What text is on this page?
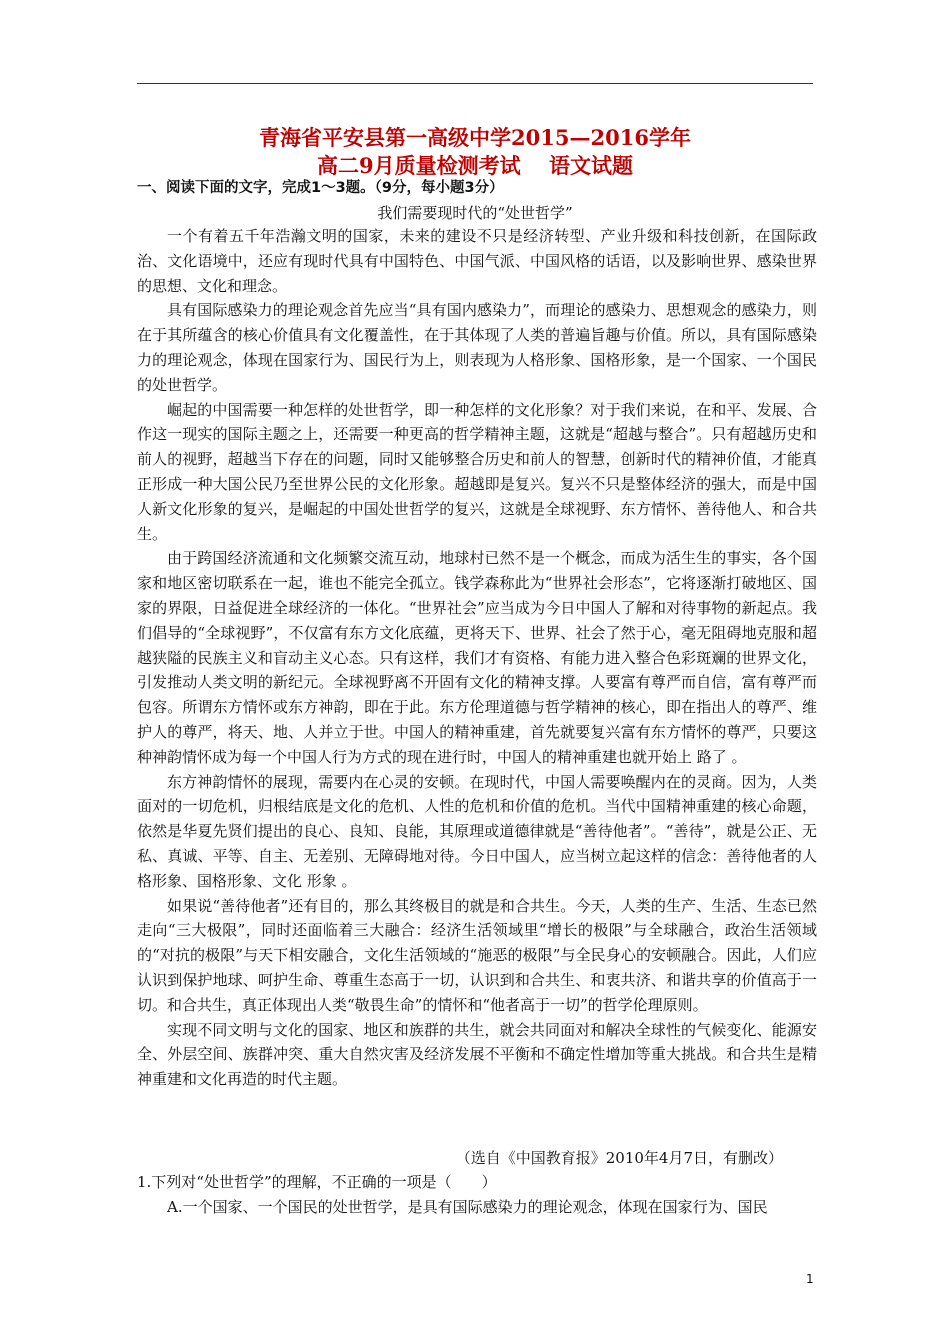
青海省平安县第一高级中学2015—2016学年
高二9月质量检测考试　 语文试题
一、阅读下面的文字，完成1～3题。（9分，每小题3分）
我们需要现时代的“处世哲学”

一个有着五千年浩瀚文明的国家，未来的建设不只是经济转型、产业升级和科技创新，在国际政治、文化语境中，还应有现时代具有中国特色、中国气派、中国风格的话语，以及影响世界、感染世界的思想、文化和理念。

具有国际感染力的理论观念首先应当“具有国内感染力”，而理论的感染力、思想观念的感染力，则在于其所蕴含的核心价值具有文化覆盖性，在于其体现了人类的普遍旨趣与价值。所以，具有国际感染力的理论观念，体现在国家行为、国民行为上，则表现为人格形象、国格形象，是一个国家、一个国民的处世哲学。

崛起的中国需要一种怎样的处世哲学，即一种怎样的文化形象？对于我们来说，在和平、发展、合作这一现实的国际主题之上，还需要一种更高的哲学精神主题，这就是“超越与整合”。只有超越历史和前人的视野，超越当下存在的问题，同时又能够整合历史和前人的智慧，创新时代的精神价值，才能真正形成一种大国公民乃至世界公民的文化形象。超越即是复兴。复兴不只是整体经济的强大，而是中国人新文化形象的复兴，是崛起的中国处世哲学的复兴，这就是全球视野、东方情怀、善待他人、和合共生。

由于跨国经济流通和文化频繁交流互动，地球村已然不是一个概念，而成为活生生的事实，各个国家和地区密切联系在一起，谁也不能完全孤立。钱学森称此为“世界社会形态”，它将逐渐打破地区、国家的界限，日益促进全球经济的一体化。“世界社会”应当成为今日中国人了解和对待事物的新起点。我们倡导的“全球视野”，不仅富有东方文化底蕴，更将天下、世界、社会了然于心，毫无阻碍地克服和超越狭隘的民族主义和盲动主义心态。只有这样，我们才有资格、有能力进入整合色彩斑斓的世界文化，引发推动人类文明的新纪元。全球视野离不开固有文化的精神支撑。人要富有尊严而自信，富有尊严而包容。所谓东方情怀或东方神韵，即在于此。东方伦理道德与哲学精神的核心，即在指出人的尊严、维护人的尊严，将天、地、人并立于世。中国人的精神重建，首先就要复兴富有东方情怀的尊严，只要这种神韵情怀成为每一个中国人行为方式的现在进行时，中国人的精神重建也就开始上 路了 。

东方神韵情怀的展现，需要内在心灵的安顿。在现时代，中国人需要唤醒内在的灵商。因为，人类面对的一切危机，归根结底是文化的危机、人性的危机和价值的危机。当代中国精神重建的核心命题，依然是华夏先贤们提出的良心、良知、良能，其原理或道德律就是“善待他者”。“善待”，就是公正、无私、真诚、平等、自主、无差别、无障碍地对待。今日中国人，应当树立起这样的信念：善待他者的人格形象、国格形象、文化 形象 。

如果说“善待他者”还有目的，那么其终极目的就是和合共生。今天，人类的生产、生活、生态已然走向“三大极限”，同时还面临着三大融合：经济生活领域里“增长的极限”与全球融合，政治生活领域的“对抗的极限”与天下相安融合，文化生活领域的“施恶的极限”与全民身心的安顿融合。因此，人们应认识到保护地球、呵护生命、尊重生态高于一切，认识到和合共生、和衷共济、和谐共享的价值高于一切。和合共生，真正体现出人类“敬畏生命”的情怀和“他者高于一切”的哲学伦理原则。

实现不同文明与文化的国家、地区和族群的共生，就会共同面对和解决全球性的气候变化、能源安全、外层空间、族群冲突、重大自然灾害及经济发展不平衡和不确定性增加等重大挑战。和合共生是精神重建和文化再造的时代主题。

（选自《中国教育报》2010年4月7日，有删改）
1.下列对“处世哲学”的理解，不正确的一项是（　　）
A.一个国家、一个国民的处世哲学，是具有国际感染力的理论观念，体现在国家行为、国民
1
